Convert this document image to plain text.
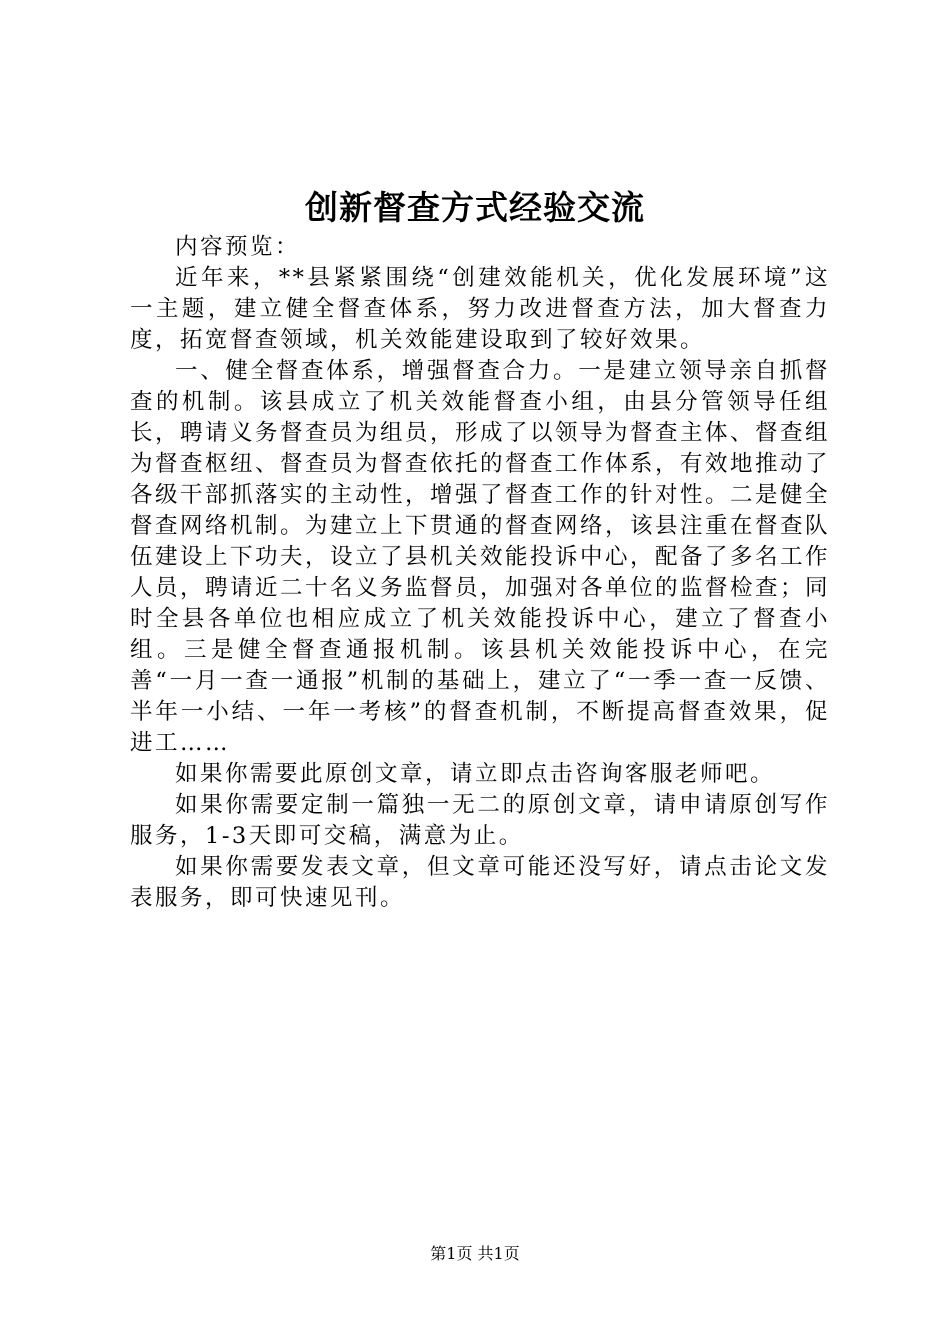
创新督查方式经验交流

内容预览：

近年来，**县紧紧围绕“创建效能机关，优化发展环境”这一主题，建立健全督查体系，努力改进督查方法，加大督查力度，拓宽督查领域，机关效能建设取到了较好效果。

一、健全督查体系，增强督查合力。一是建立领导亲自抓督查的机制。该县成立了机关效能督查小组，由县分管领导任组长，聘请义务督查员为组员，形成了以领导为督查主体、督查组为督查枢纽、督查员为督查依托的督查工作体系，有效地推动了各级干部抓落实的主动性，增强了督查工作的针对性。二是健全督查网络机制。为建立上下贯通的督查网络，该县注重在督查队伍建设上下功夫，设立了县机关效能投诉中心，配备了多名工作人员，聘请近二十名义务监督员，加强对各单位的监督检查；同时全县各单位也相应成立了机关效能投诉中心，建立了督查小组。三是健全督查通报机制。该县机关效能投诉中心，在完善“一月一查一通报”机制的基础上，建立了“一季一查一反馈、半年一小结、一年一考核”的督查机制，不断提高督查效果，促进工……

如果你需要此原创文章，请立即点击咨询客服老师吧。

如果你需要定制一篇独一无二的原创文章，请申请原创写作服务，1-3天即可交稿，满意为止。

如果你需要发表文章，但文章可能还没写好，请点击论文发表服务，即可快速见刊。

第1页 共1页
